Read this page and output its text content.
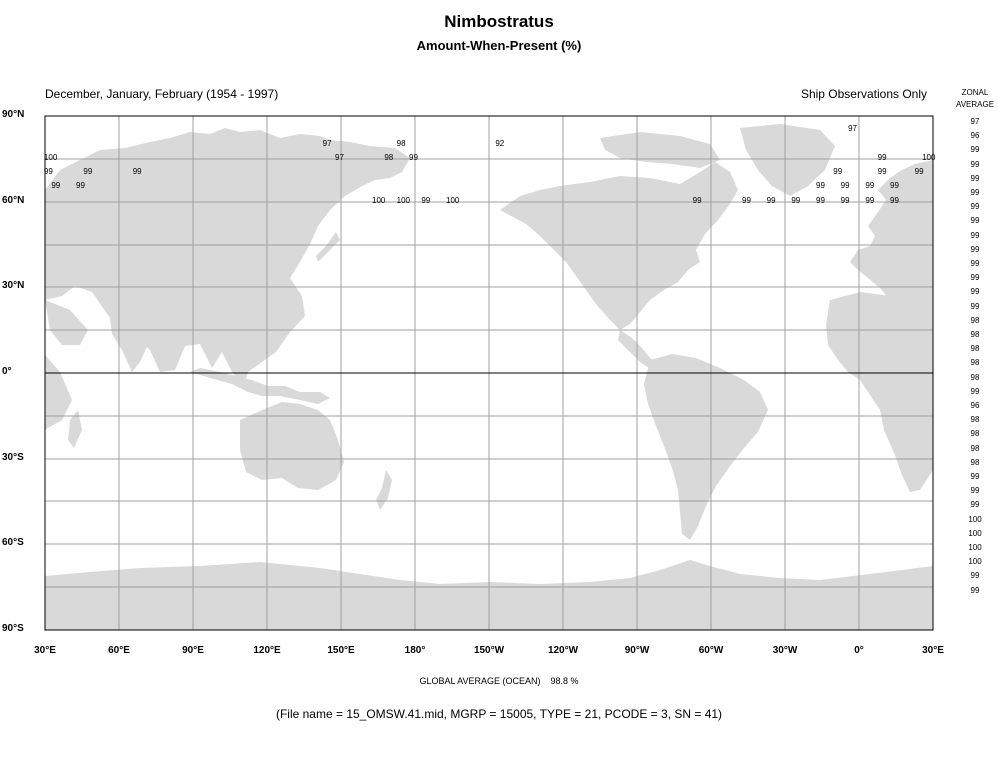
Nimbostratus
Amount-When-Present (%)
December, January, February (1954 - 1997)	Ship Observations Only	ZONAL
AVERAGE
90°N
60°N
30°N
0°
30°S
60°S
90°S
30°E	60°E	90°E	120°E	150°E	180°	150°W	120°W	90°W	60°W	30°W	0°	30°E
97
96
99
99
99
99
99
99
99
99
99
99
99
99
98
98
98
98
98
99
96
98
98
98
98
99
99
99
100
100
100
100
99
99
97
97	98	92
100	97	98 99	99	100
99	99	99	99	99	99
99 99	99 99 99 99
100 100 99 100	99	99 99 99 99 99 99 99
GLOBAL AVERAGE (OCEAN) 98.8 %
(File name = 15_OMSW.41.mid, MGRP = 15005, TYPE = 21, PCODE = 3, SN = 41)
